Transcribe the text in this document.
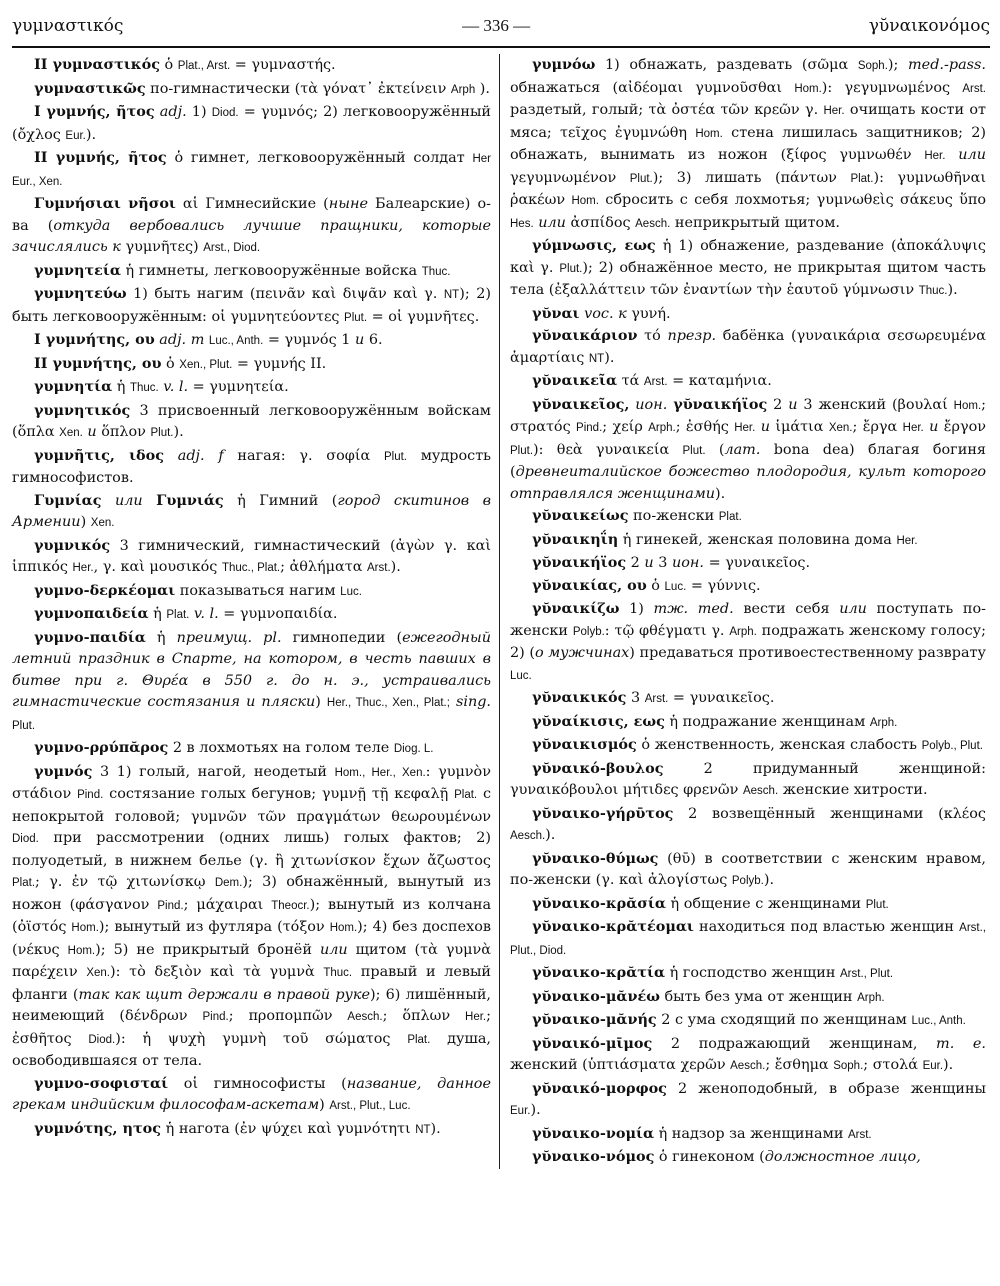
γυμναστικός	— 336 —	γῠναικονόμος

II γυμναστικός ὁ Plat., Arst. = γυμναστής.

γυμναστικῶς по-гимнастически (τὰ γόνατ᾽ ἐκτείνειν Arph ).

I γυμνής, ῆτος adj. 1) Diod. = γυμνός; 2) легковооружённый (ὄχλος Eur.).

II γυμνής, ῆτος ὁ гимнет, легковооружённый солдат Her Eur., Xen.

Γυμνήσιαι νῆσοι αἱ Гимнесийские (ныне Балеарские) о-ва (откуда вербовались лучшие пращники, которые зачислялись к γυμνῆτες) Arst., Diod.

γυμνητεία ἡ гимнеты, легковооружённые войска Thuc.

γυμνητεύω 1) быть нагим (πεινᾶν καὶ διψᾶν καὶ γ. NT); 2) быть легковооружённым: οἱ γυμνητεύοντες Plut. = οἱ γυμνῆτες.

I γυμνήτης, ου adj. m Luc., Anth. = γυμνός 1 и 6.

II γυμνήτης, ου ὁ Xen., Plut. = γυμνής II.

γυμνητία ἡ Thuc. v. l. = γυμνητεία.

γυμνητικός 3 присвоенный легковооружённым войскам (ὅπλα Xen. и ὅπλον Plut.).

γυμνῆτις, ιδος adj. f нагая: γ. σοφία Plut. мудрость гимнософистов.

Γυμνίας или Γυμνιάς ἡ Гимний (город скитинов в Армении) Xen.

γυμνικός 3 гимнический, гимнастический (ἀγὼν γ. καὶ ἱππικός Her., γ. καὶ μουσικός Thuc., Plat.; ἀθλήματα Arst.).

γυμνο-δερκέομαι показываться нагим Luc.

γυμνοπαιδεία ἡ Plat. v. l. = γυμνοπαιδία.

γυμνο-παιδία ἡ преимущ. pl. гимнопедии (ежегодный летний праздник в Спарте, на котором, в честь павших в битве при г. Θυρέα в 550 г. до н. э., устраивались гимнастические состязания и пляски) Her., Thuc., Xen., Plat.; sing. Plut.

γυμνο-ρρύπᾰρος 2 в лохмотьях на голом теле Diog. L.

γυμνός 3 1) голый, нагой, неодетый Hom., Her., Xen.: γυμνὸν στάδιον Pind. состязание голых бегунов; γυμνῇ τῇ κεφαλῇ Plat. с непокрытой головой; γυμνῶν τῶν πραγμάτων θεωρουμένων Diod. при рассмотрении (одних лишь) голых фактов; 2) полуодетый, в нижнем белье (γ. ἢ χιτωνίσκον ἔχων ἄζωστος Plat.; γ. ἐν τῷ χιτωνίσκῳ Dem.); 3) обнажённый, вынутый из ножон (φάσγανον Pind.; μάχαιραι Theocr.); вынутый из колчана (ὀϊστός Hom.); вынутый из футляра (τόξον Hom.); 4) без доспехов (νέκυς Hom.); 5) не прикрытый бронёй или щитом (τὰ γυμνὰ παρέχειν Xen.): τὸ δεξιὸν καὶ τὰ γυμνὰ Thuc. правый и левый фланги (так как щит держали в правой руке); 6) лишённый, неимеющий (δένδρων Pind.; προπομπῶν Aesch.; ὅπλων Her.; ἐσθῆτος Diod.): ἡ ψυχὴ γυμνὴ τοῦ σώματος Plat. душа, освободившаяся от тела.

γυμνο-σοφισταί οἱ гимнософисты (название, данное грекам индийским философам-аскетам) Arst., Plut., Luc.

γυμνότης, ητος ἡ нагота (ἐν ψύχει καὶ γυμνότητι NT).

γυμνόω 1) обнажать, раздевать (σῶμα Soph.); med.-pass. обнажаться (αἰδέομαι γυμνοῦσθαι Hom.): γεγυμνωμένος Arst. раздетый, голый; τὰ ὀστέα τῶν κρεῶν γ. Her. очищать кости от мяса; τεῖχος ἐγυμνώθη Hom. стена лишилась защитников; 2) обнажать, вынимать из ножон (ξίφος γυμνωθέν Her. или γεγυμνωμένον Plut.); 3) лишать (πάντων Plat.): γυμνωθῆναι ῥακέων Hom. сбросить с себя лохмотья; γυμνωθεὶς σάκευς ὕπο Hes. или ἀσπίδος Aesch. неприкрытый щитом.

γύμνωσις, εως ἡ 1) обнажение, раздевание (ἀποκάλυψις καὶ γ. Plut.); 2) обнажённое место, не прикрытая щитом часть тела (ἐξαλλάττειν τῶν ἐναντίων τὴν ἑαυτοῦ γύμνωσιν Thuc.).

γῠναι voc. к γυνή.

γῠναικάριον τό презр. бабёнка (γυναικάρια σεσωρευμένα ἁμαρτίαις NT).

γῠναικεῖα τά Arst. = καταμήνια.

γῠναικεῖος, ион. γῠναικήϊος 2 и 3 женский (βουλαί Hom.; στρατός Pind.; χείρ Arph.; ἐσθής Her. и ἱμάτια Xen.; ἔργα Her. и ἔργον Plut.): θεὰ γυναικεία Plut. (лат. bona dea) благая богиня (древнеиталийское божество плодородия, культ которого отправлялся женщинами).

γῠναικείως по-женски Plat.

γῠναικηΐη ἡ гинекей, женская половина дома Her.

γῠναικήϊος 2 и 3 ион. = γυναικεῖος.

γῠναικίας, ου ὁ Luc. = γύννις.

γῠναικίζω 1) тж. med. вести себя или поступать по-женски Polyb.: τῷ φθέγματι γ. Arph. подражать женскому голосу; 2) (о мужчинах) предаваться противоестественному разврату Luc.

γῠναικικός 3 Arst. = γυναικεῖος.

γῠναίκισις, εως ἡ подражание женщинам Arph.

γῠναικισμός ὁ женственность, женская слабость Polyb., Plut.

γῠναικό-βουλος 2 придуманный женщиной: γυναικόβουλοι μήτιδες φρενῶν Aesch. женские хитрости.

γῠναικο-γήρῡτος 2 возвещённый женщинами (κλέος Aesch.).

γῠναικο-θύμως (θῡ) в соответствии с женским нравом, по-женски (γ. καὶ ἀλογίστως Polyb.).

γῠναικο-κρᾰσία ἡ общение с женщинами Plut.

γῠναικο-κρᾰτέομαι находиться под властью женщин Arst., Plut., Diod.

γῠναικο-κρᾰτία ἡ господство женщин Arst., Plut.

γῠναικο-μᾰνέω быть без ума от женщин Arph.

γῠναικο-μᾰνής 2 с ума сходящий по женщинам Luc., Anth.

γῠναικό-μῑμος 2 подражающий женщинам, т. е. женский (ὑπτιάσματα χερῶν Aesch.; ἔσθημα Soph.; στολά Eur.).

γῠναικό-μορφος 2 женоподобный, в образе женщины Eur.).

γῠναικο-νομία ἡ надзор за женщинами Arst.

γῠναικο-νόμος ὁ гинеконом (должностное лицо,
